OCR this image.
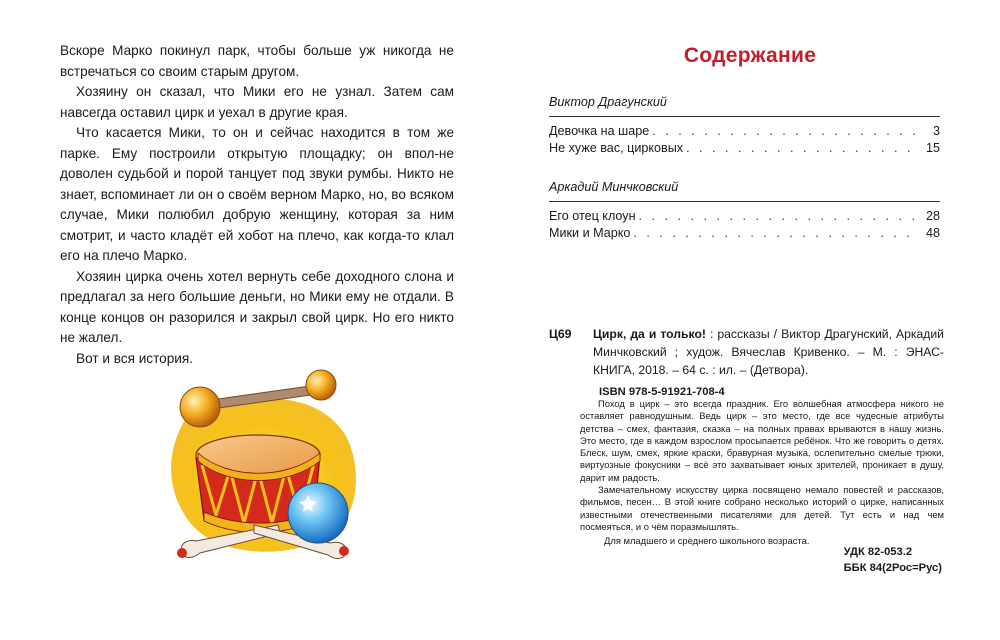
Вскоре Марко покинул парк, чтобы больше уж никогда не встречаться со своим старым другом.

Хозяину он сказал, что Мики его не узнал. Затем сам навсегда оставил цирк и уехал в другие края.

Что касается Мики, то он и сейчас находится в том же парке. Ему построили открытую площадку; он впол-не доволен судьбой и порой танцует под звуки румбы. Никто не знает, вспоминает ли он о своём верном Марко, но, во всяком случае, Мики полюбил добрую женщину, которая за ним смотрит, и часто кладёт ей хобот на плечо, как когда-то клал его на плечо Марко.

Хозяин цирка очень хотел вернуть себе доходного слона и предлагал за него большие деньги, но Мики ему не отдали. В конце концов он разорился и закрыл свой цирк. Но его никто не жалел.

Вот и вся история.

Содержание
Виктор Драгунский
Девочка на шаре . . .	3
Не хуже вас, цирковых . . .	15
Аркадий Минчковский
Его отец клоун . . .	28
Мики и Марко . . .	48
Ц69 Цирк, да и только! : рассказы / Виктор Драгунский, Аркадий Минчковский ; худож. Вячеслав Кривенко. – М. : ЭНАС-КНИГА, 2018. – 64 с. : ил. – (Детвора).
ISBN 978-5-91921-708-4

Поход в цирк – это всегда праздник. Его волшебная атмосфера никого не оставляет равнодушным. Ведь цирк – это место, где все чудесные атрибуты детства – смех, фантазия, сказка – на полных правах врываются в нашу жизнь. Это место, где в каждом взрослом просыпается ребёнок. Что же говорить о детях. Блеск, шум, смех, яркие краски, бравурная музыка, ослепительно смелые трюки, виртуозные фокусники – всё это захватывает юных зрителей, проникает в душу, дарит им радость.

Замечательному искусству цирка посвящено немало повестей и рассказов, фильмов, песен… В этой книге собрано несколько историй о цирке, написанных известными отечественными писателями для детей. Тут есть и над чем посмеяться, и о чём поразмышлять.

Для младшего и среднего школьного возраста.

УДК 82-053.2
ББК 84(2Рос=Рус)
